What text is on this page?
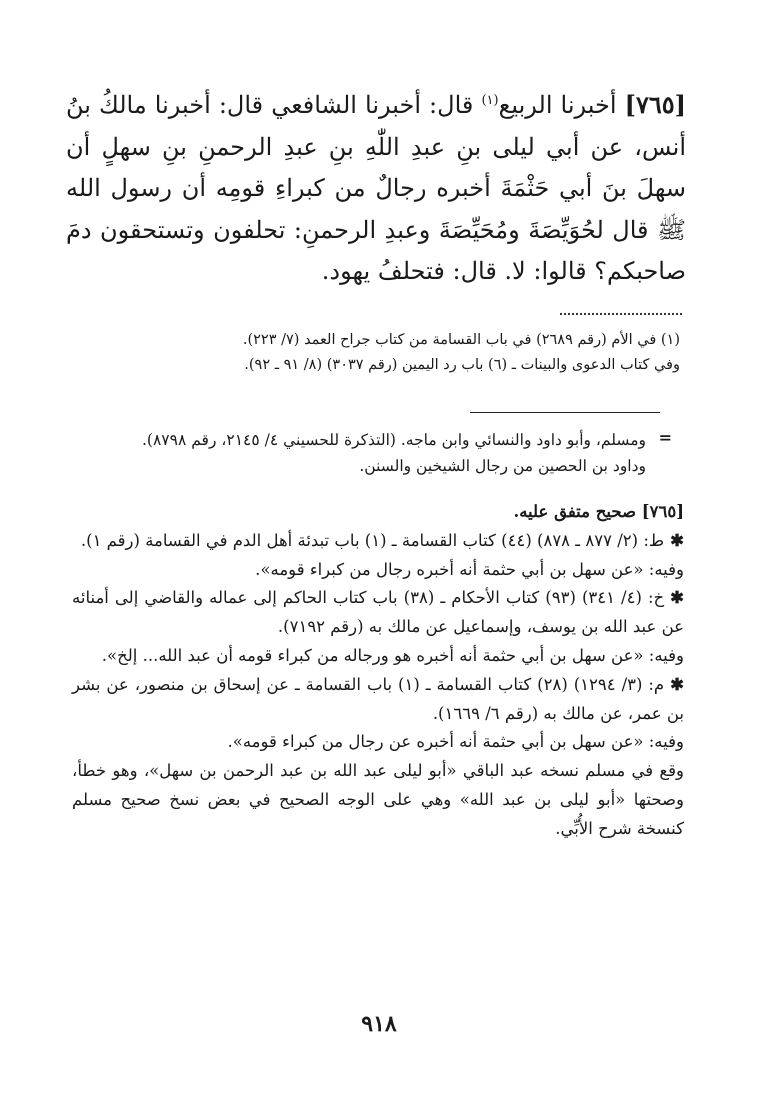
[٧٦٥] أخبرنا الربيع$^{(١)}$ قال: أخبرنا الشافعي قال: أخبرنا مالكُ بنُ أنس، عن أبي ليلى بنِ عبدِ اللّٰهِ بنِ عبدِ الرحمنِ بنِ سهلٍ أن سهلَ بنَ أبي حَثْمَةَ أخبره رجالٌ من كبراءِ قومِه أن رسول الله ﷺ قال لحُوَيِّصَةَ ومُحَيِّصَةَ وعبدِ الرحمنِ: تحلفون وتستحقون دمَ صاحبكم؟ قالوا: لا. قال: فتحلفُ يهود.

(١) في الأم (رقم ٢٦٨٩) في باب القسامة من كتاب جراح العمد (٧/ ٢٢٣).

وفي كتاب الدعوى والبينات ـ (٦) باب رد اليمين (رقم ٣٠٣٧) (٨/ ٩١ ـ ٩٢).

=

ومسلم، وأبو داود والنسائي وابن ماجه. (التذكرة للحسيني ٤/ ٢١٤٥، رقم ٨٧٩٨).

وداود بن الحصين من رجال الشيخين والسنن.

[٧٦٥] صحيح متفق عليه.

✱ط: (٢/ ٨٧٧ ـ ٨٧٨) (٤٤) كتاب القسامة ـ (١) باب تبدئة أهل الدم في القسامة (رقم ١).

وفيه: «عن سهل بن أبي حثمة أنه أخبره رجال من كبراء قومه».

✱خ: (٤/ ٣٤١) (٩٣) كتاب الأحكام ـ (٣٨) باب كتاب الحاكم إلى عماله والقاضي إلى أمنائه عن عبد الله بن يوسف، وإسماعيل عن مالك به (رقم ٧١٩٢).

وفيه: «عن سهل بن أبي حثمة أنه أخبره هو ورجاله من كبراء قومه أن عبد الله... إلخ».

✱م: (٣/ ١٢٩٤) (٢٨) كتاب القسامة ـ (١) باب القسامة ـ عن إسحاق بن منصور، عن بشر بن عمر، عن مالك به (رقم ٦/ ١٦٦٩).

وفيه: «عن سهل بن أبي حثمة أنه أخبره عن رجال من كبراء قومه».

وقع في مسلم نسخه عبد الباقي «أبو ليلى عبد الله بن عبد الرحمن بن سهل»، وهو خطأ، وصحتها «أبو ليلى بن عبد الله» وهي على الوجه الصحيح في بعض نسخ صحيح مسلم كنسخة شرح الأُبِّي.

٩١٨
